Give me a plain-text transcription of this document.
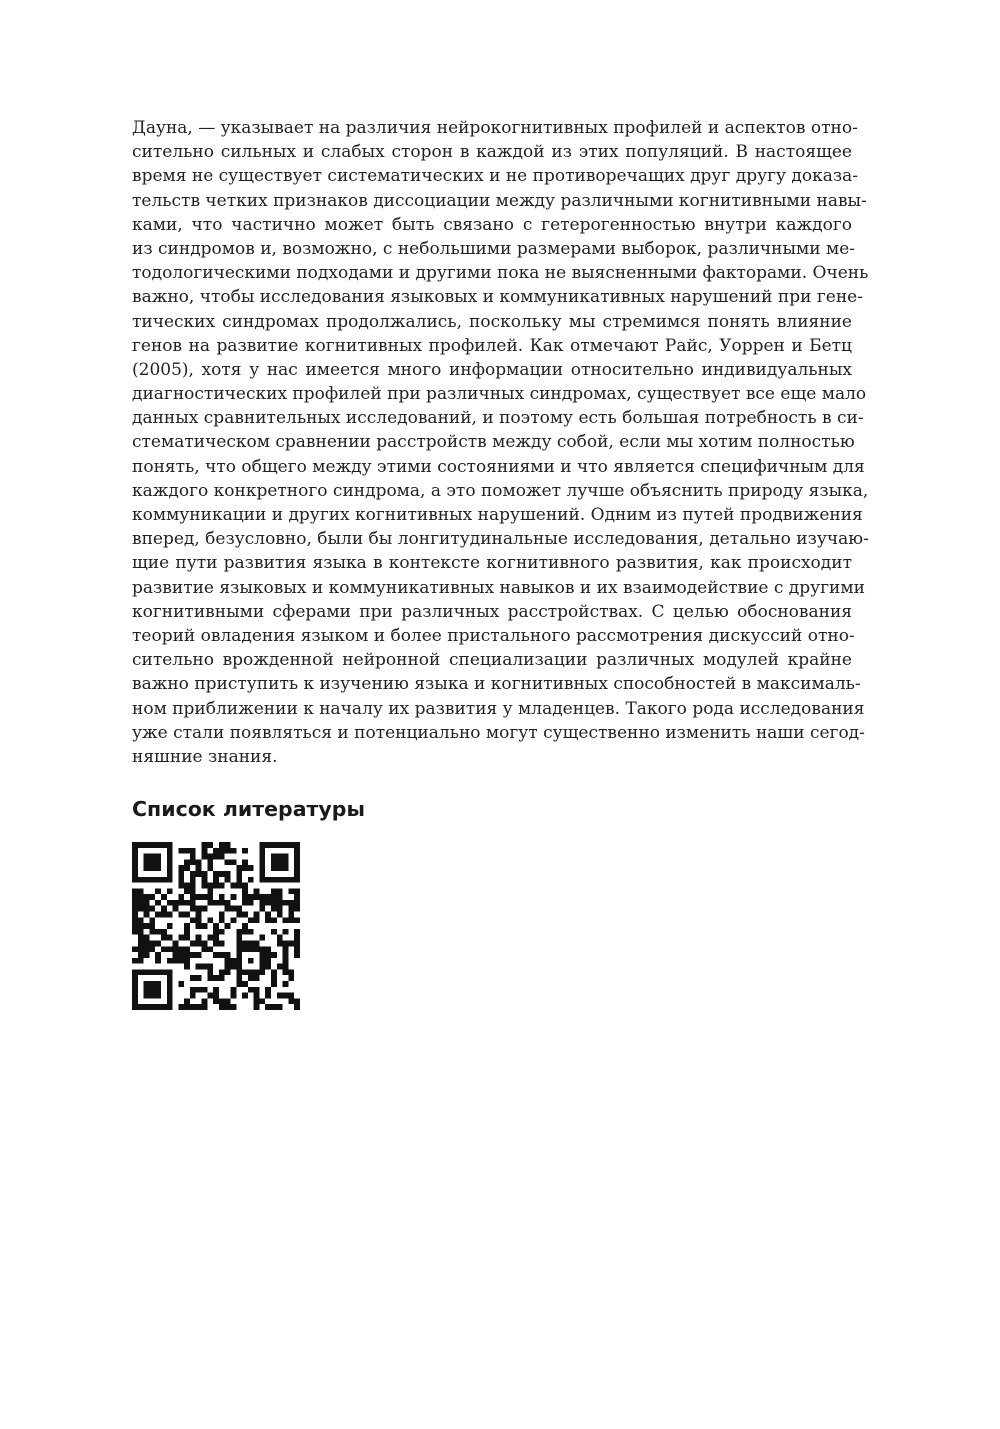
Дауна, — указывает на различия нейрокогнитивных профилей и аспектов отно-
сительно сильных и слабых сторон в каждой из этих популяций. В настоящее
время не существует систематических и не противоречащих друг другу доказа-
тельств четких признаков диссоциации между различными когнитивными навы-
ками, что частично может быть связано с гетерогенностью внутри каждого
из синдромов и, возможно, с небольшими размерами выборок, различными ме-
тодологическими подходами и другими пока не выясненными факторами. Очень
важно, чтобы исследования языковых и коммуникативных нарушений при гене-
тических синдромах продолжались, поскольку мы стремимся понять влияние
генов на развитие когнитивных профилей. Как отмечают Райс, Уоррен и Бетц
(2005), хотя у нас имеется много информации относительно индивидуальных
диагностических профилей при различных синдромах, существует все еще мало
данных сравнительных исследований, и поэтому есть большая потребность в си-
стематическом сравнении расстройств между собой, если мы хотим полностью
понять, что общего между этими состояниями и что является специфичным для
каждого конкретного синдрома, а это поможет лучше объяснить природу языка,
коммуникации и других когнитивных нарушений. Одним из путей продвижения
вперед, безусловно, были бы лонгитудинальные исследования, детально изучаю-
щие пути развития языка в контексте когнитивного развития, как происходит
развитие языковых и коммуникативных навыков и их взаимодействие с другими
когнитивными сферами при различных расстройствах. С целью обоснования
теорий овладения языком и более пристального рассмотрения дискуссий отно-
сительно врожденной нейронной специализации различных модулей крайне
важно приступить к изучению языка и когнитивных способностей в максималь-
ном приближении к началу их развития у младенцев. Такого рода исследования
уже стали появляться и потенциально могут существенно изменить наши сегод-
няшние знания.
Список литературы
